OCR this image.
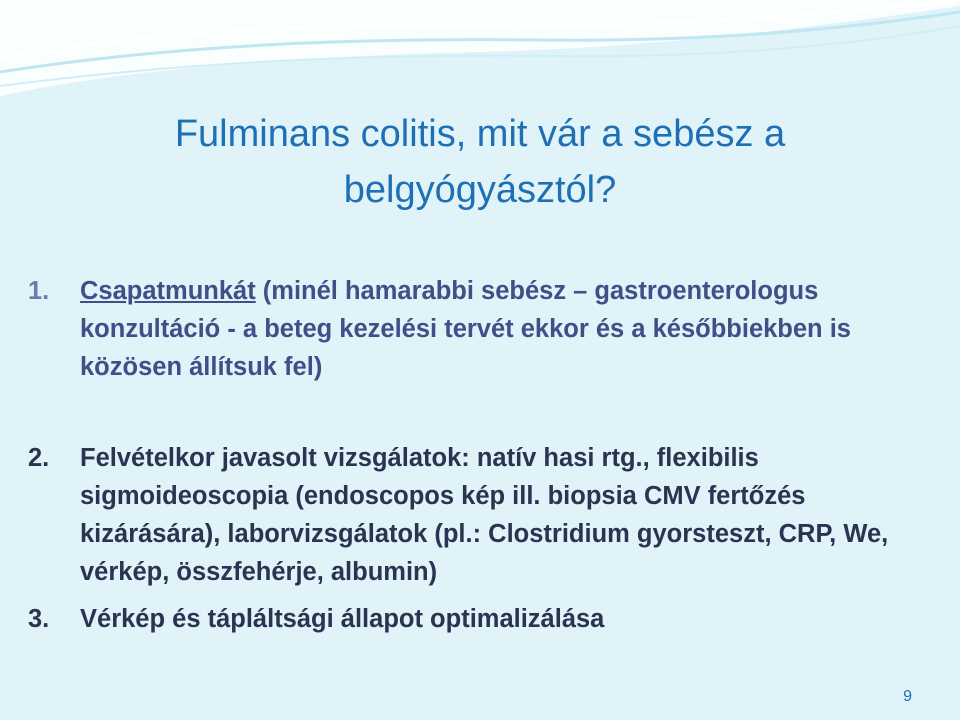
Fulminans colitis, mit vár a sebész a
belgyógyásztól?
1. Csapatmunkát (minél hamarabbi sebész – gastroenterologus konzultáció - a beteg kezelési tervét ekkor és a későbbiekben is közösen állítsuk fel)
2. Felvételkor javasolt vizsgálatok: natív hasi rtg., flexibilis sigmoideoscopia (endoscopos kép ill. biopsia CMV fertőzés kizárására), laborvizsgálatok (pl.: Clostridium gyorsteszt, CRP, We, vérkép, összfehérje, albumin)
3. Vérkép és tápláltsági állapot optimalizálása
9
